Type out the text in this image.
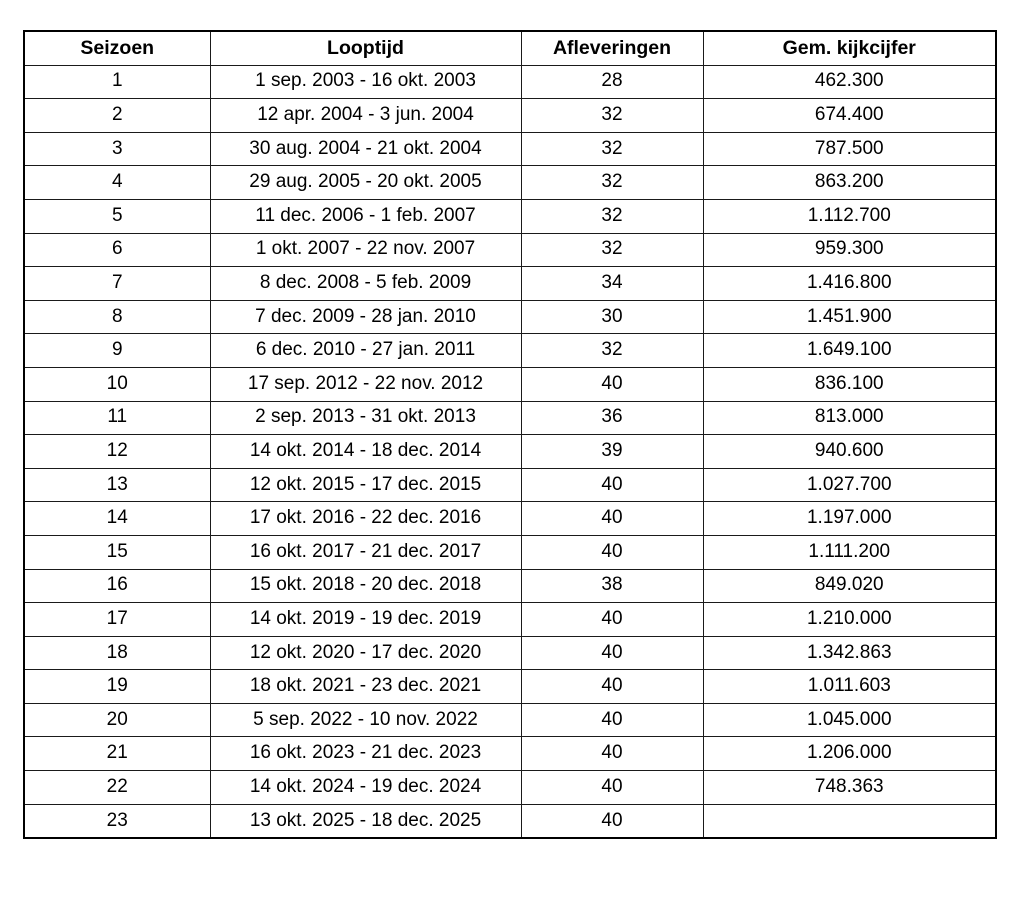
Seizoen	Looptijd	Afleveringen	Gem. kijkcijfer
1	1 sep. 2003 - 16 okt. 2003	28	462.300
2	12 apr. 2004 - 3 jun. 2004	32	674.400
3	30 aug. 2004 - 21 okt. 2004	32	787.500
4	29 aug. 2005 - 20 okt. 2005	32	863.200
5	11 dec. 2006 - 1 feb. 2007	32	1.112.700
6	1 okt. 2007 - 22 nov. 2007	32	959.300
7	8 dec. 2008 - 5 feb. 2009	34	1.416.800
8	7 dec. 2009 - 28 jan. 2010	30	1.451.900
9	6 dec. 2010 - 27 jan. 2011	32	1.649.100
10	17 sep. 2012 - 22 nov. 2012	40	836.100
11	2 sep. 2013 - 31 okt. 2013	36	813.000
12	14 okt. 2014 - 18 dec. 2014	39	940.600
13	12 okt. 2015 - 17 dec. 2015	40	1.027.700
14	17 okt. 2016 - 22 dec. 2016	40	1.197.000
15	16 okt. 2017 - 21 dec. 2017	40	1.111.200
16	15 okt. 2018 - 20 dec. 2018	38	849.020
17	14 okt. 2019 - 19 dec. 2019	40	1.210.000
18	12 okt. 2020 - 17 dec. 2020	40	1.342.863
19	18 okt. 2021 - 23 dec. 2021	40	1.011.603
20	5 sep. 2022 - 10 nov. 2022	40	1.045.000
21	16 okt. 2023 - 21 dec. 2023	40	1.206.000
22	14 okt. 2024 - 19 dec. 2024	40	748.363
23	13 okt. 2025 - 18 dec. 2025	40	
